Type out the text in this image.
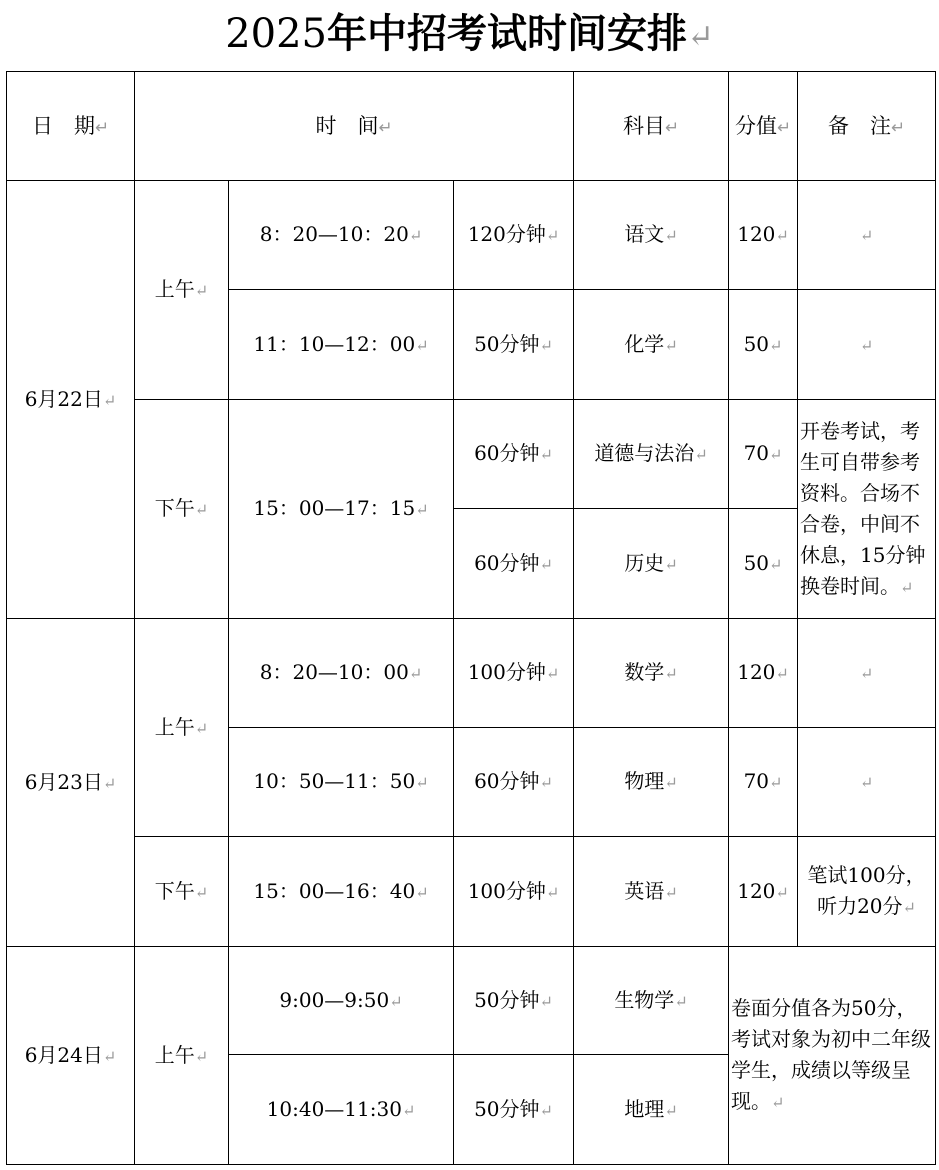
2025年中招考试时间安排↵
日　期↵	时　间↵			科目↵	分值↵	备　注↵
6月22日↵	上午↵	8：20—10：20↵	120分钟↵	语文↵	120↵	↵
		11：10—12：00↵	50分钟↵	化学↵	50↵	↵
	下午↵	15：00—17：15↵	60分钟↵	道德与法治↵	70↵	开卷考试，考生可自带参考资料。合场不合卷，中间不休息，15分钟换卷时间。↵
			60分钟↵	历史↵	50↵	
6月23日↵	上午↵	8：20—10：00↵	100分钟↵	数学↵	120↵	↵
		10：50—11：50↵	60分钟↵	物理↵	70↵	↵
	下午↵	15：00—16：40↵	100分钟↵	英语↵	120↵	笔试100分，听力20分↵
6月24日↵	上午↵	9:00—9:50↵	50分钟↵	生物学↵	卷面分值各为50分，考试对象为初中二年级学生，成绩以等级呈现。↵	
		10:40—11:30↵	50分钟↵	地理↵		
